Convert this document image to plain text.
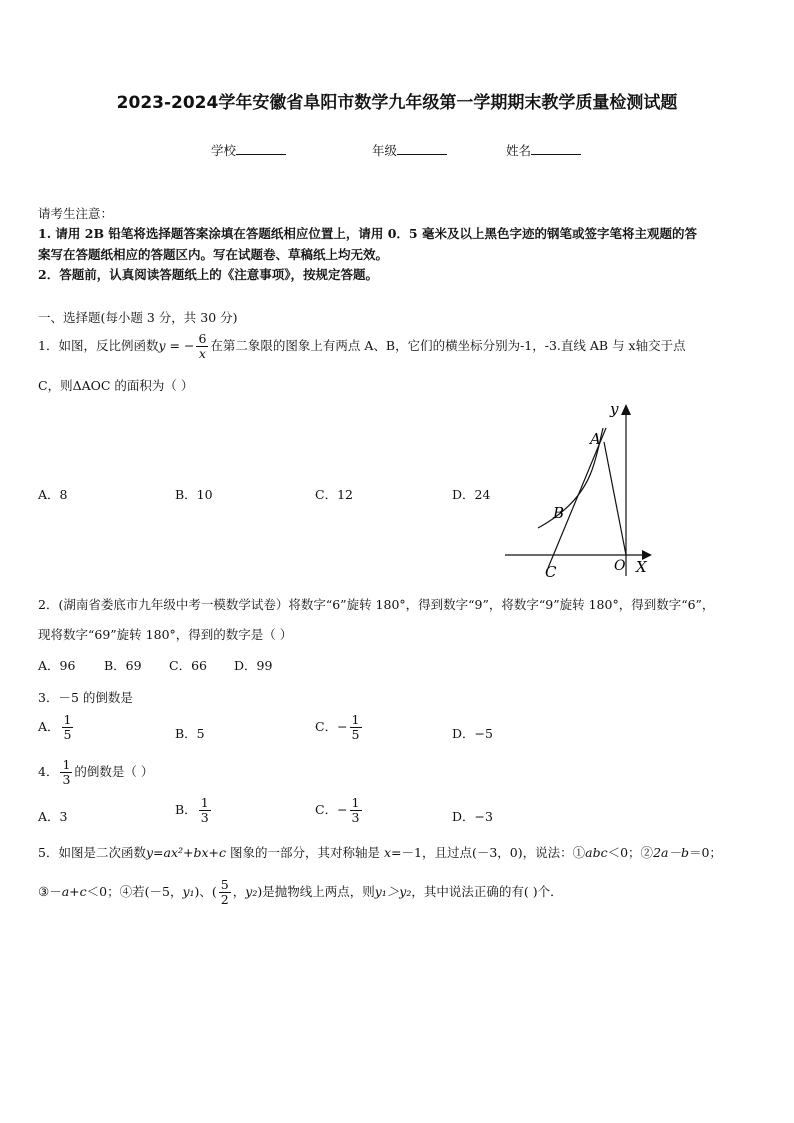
2023-2024学年安徽省阜阳市数学九年级第一学期期末教学质量检测试题
学校	年级	姓名
请考生注意：
1. 请用 2B 铅笔将选择题答案涂填在答题纸相应位置上，请用 0．5 毫米及以上黑色字迹的钢笔或签字笔将主观题的答
案写在答题纸相应的答题区内。写在试题卷、草稿纸上均无效。
2．答题前，认真阅读答题纸上的《注意事项》，按规定答题。
一、选择题(每小题 3 分，共 30 分)
1．如图，反比例函数y = − $\frac{6}{x}$ 在第二象限的图象上有两点 A、B，它们的横坐标分别为-1，-3.直线 AB 与 x轴交于点
C，则ΔAOC 的面积为（ ）
A．8	B．10	C．12	D．24
y
X
O
A
B
C
2．(湖南省娄底市九年级中考一模数学试卷）将数字“6”旋转 180°，得到数字“9”，将数字“9”旋转 180°，得到数字“6”，
现将数字“69”旋转 180°，得到的数字是（ ）
A．96 B．69 C．66 D．99
3．－5 的倒数是
A． $\frac{1}{5}$	B．5	C．− $\frac{1}{5}$	D．−5
4． $\frac{1}{3}$ 的倒数是（ ）
A．3	B． $\frac{1}{3}$	C．− $\frac{1}{3}$	D．−3
5．如图是二次函数y=ax²+bx+c 图象的一部分，其对称轴是 x=－1，且过点(－3，0)，说法：①abc＜0；②2a－b＝0；
③－a+c＜0；④若(－5，y₁)、( $\frac{5}{2}$ ，y₂)是抛物线上两点，则y₁＞y₂，其中说法正确的有( )个．
